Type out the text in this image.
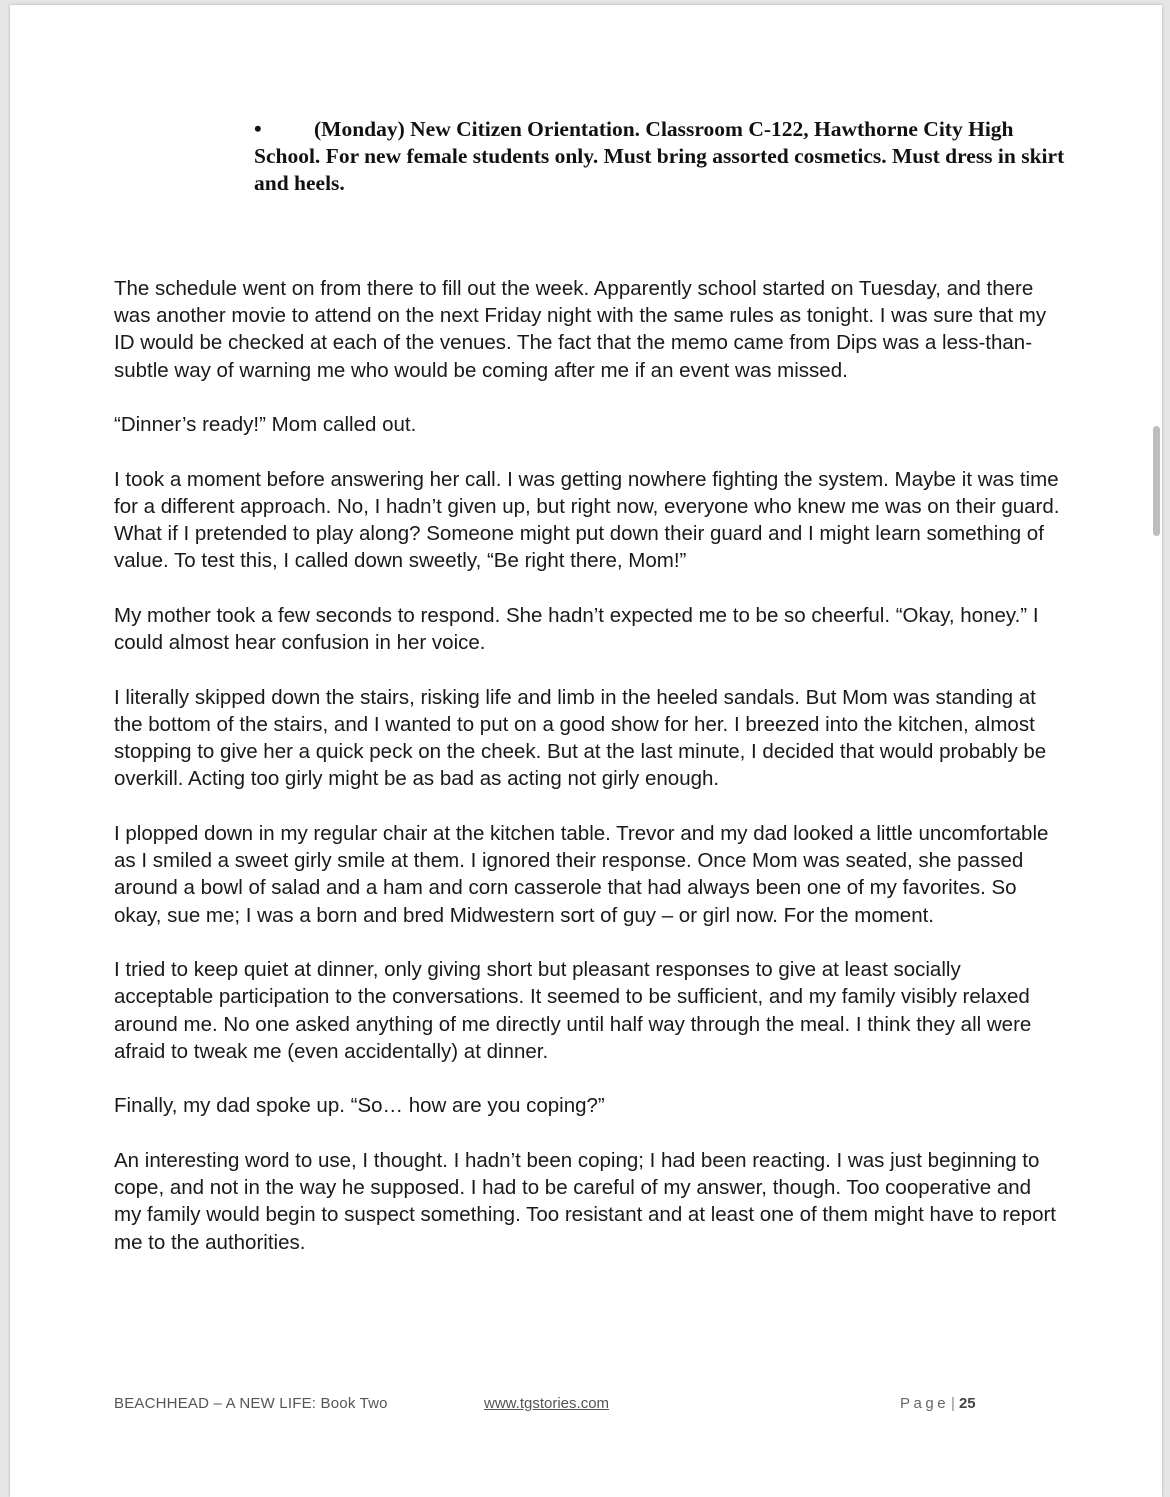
• (Monday) New Citizen Orientation. Classroom C-122, Hawthorne City High School. For new female students only. Must bring assorted cosmetics. Must dress in skirt and heels.

The schedule went on from there to fill out the week. Apparently school started on Tuesday, and there was another movie to attend on the next Friday night with the same rules as tonight. I was sure that my ID would be checked at each of the venues. The fact that the memo came from Dips was a less-than-subtle way of warning me who would be coming after me if an event was missed.

“Dinner’s ready!” Mom called out.

I took a moment before answering her call. I was getting nowhere fighting the system. Maybe it was time for a different approach. No, I hadn’t given up, but right now, everyone who knew me was on their guard. What if I pretended to play along? Someone might put down their guard and I might learn something of value. To test this, I called down sweetly, “Be right there, Mom!”

My mother took a few seconds to respond. She hadn’t expected me to be so cheerful. “Okay, honey.” I could almost hear confusion in her voice.

I literally skipped down the stairs, risking life and limb in the heeled sandals. But Mom was standing at the bottom of the stairs, and I wanted to put on a good show for her. I breezed into the kitchen, almost stopping to give her a quick peck on the cheek. But at the last minute, I decided that would probably be overkill. Acting too girly might be as bad as acting not girly enough.

I plopped down in my regular chair at the kitchen table. Trevor and my dad looked a little uncomfortable as I smiled a sweet girly smile at them. I ignored their response. Once Mom was seated, she passed around a bowl of salad and a ham and corn casserole that had always been one of my favorites. So okay, sue me; I was a born and bred Midwestern sort of guy – or girl now. For the moment.

I tried to keep quiet at dinner, only giving short but pleasant responses to give at least socially acceptable participation to the conversations. It seemed to be sufficient, and my family visibly relaxed around me. No one asked anything of me directly until half way through the meal. I think they all were afraid to tweak me (even accidentally) at dinner.

Finally, my dad spoke up. “So… how are you coping?”

An interesting word to use, I thought. I hadn’t been coping; I had been reacting. I was just beginning to cope, and not in the way he supposed. I had to be careful of my answer, though. Too cooperative and my family would begin to suspect something. Too resistant and at least one of them might have to report me to the authorities.

BEACHHEAD – A NEW LIFE: Book Two	www.tgstories.com	Page | 25
